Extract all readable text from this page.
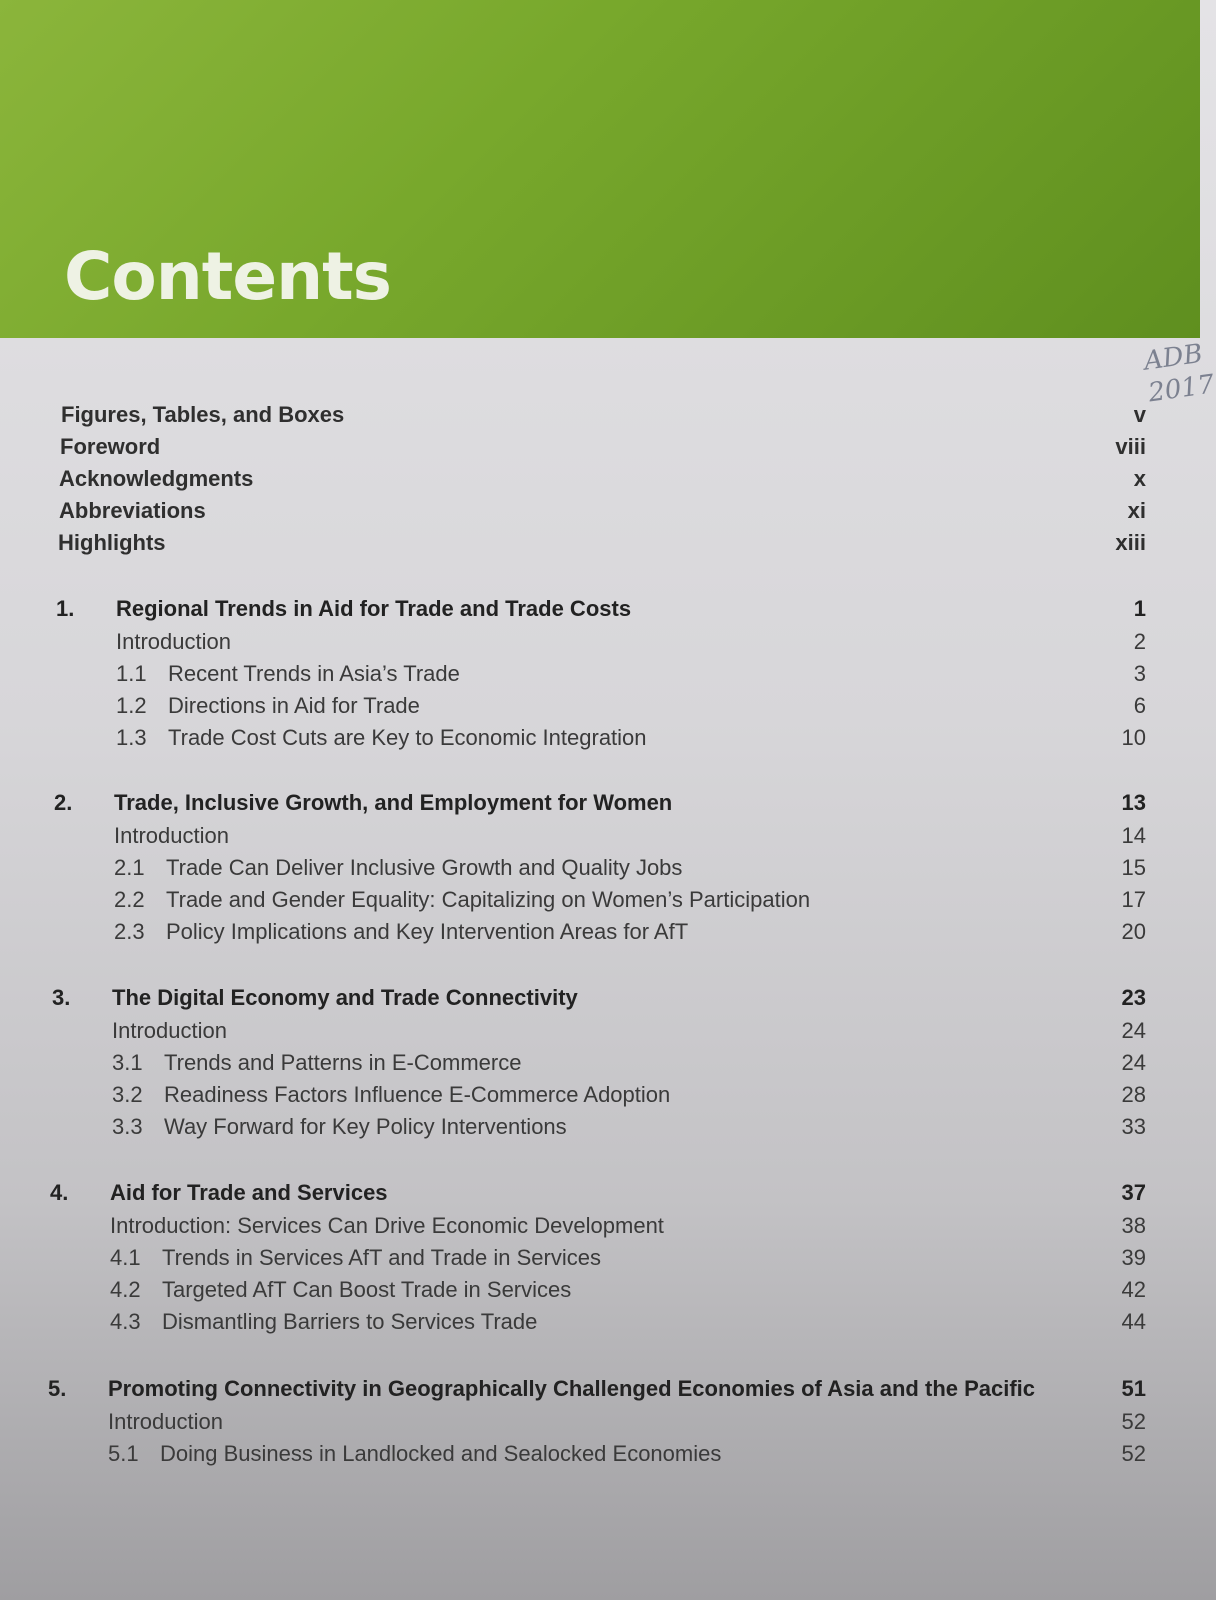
Contents
ADB
2017
Figures, Tables, and Boxes	v
Foreword	viii
Acknowledgments	x
Abbreviations	xi
Highlights	xiii
1. Regional Trends in Aid for Trade and Trade Costs	1
Introduction	2
1.1 Recent Trends in Asia’s Trade	3
1.2 Directions in Aid for Trade	6
1.3 Trade Cost Cuts are Key to Economic Integration	10
2. Trade, Inclusive Growth, and Employment for Women	13
Introduction	14
2.1 Trade Can Deliver Inclusive Growth and Quality Jobs	15
2.2 Trade and Gender Equality: Capitalizing on Women’s Participation	17
2.3 Policy Implications and Key Intervention Areas for AfT	20
3. The Digital Economy and Trade Connectivity	23
Introduction	24
3.1 Trends and Patterns in E-Commerce	24
3.2 Readiness Factors Influence E-Commerce Adoption	28
3.3 Way Forward for Key Policy Interventions	33
4. Aid for Trade and Services	37
Introduction: Services Can Drive Economic Development	38
4.1 Trends in Services AfT and Trade in Services	39
4.2 Targeted AfT Can Boost Trade in Services	42
4.3 Dismantling Barriers to Services Trade	44
5. Promoting Connectivity in Geographically Challenged Economies of Asia and the Pacific	51
Introduction	52
5.1 Doing Business in Landlocked and Sealocked Economies	52
